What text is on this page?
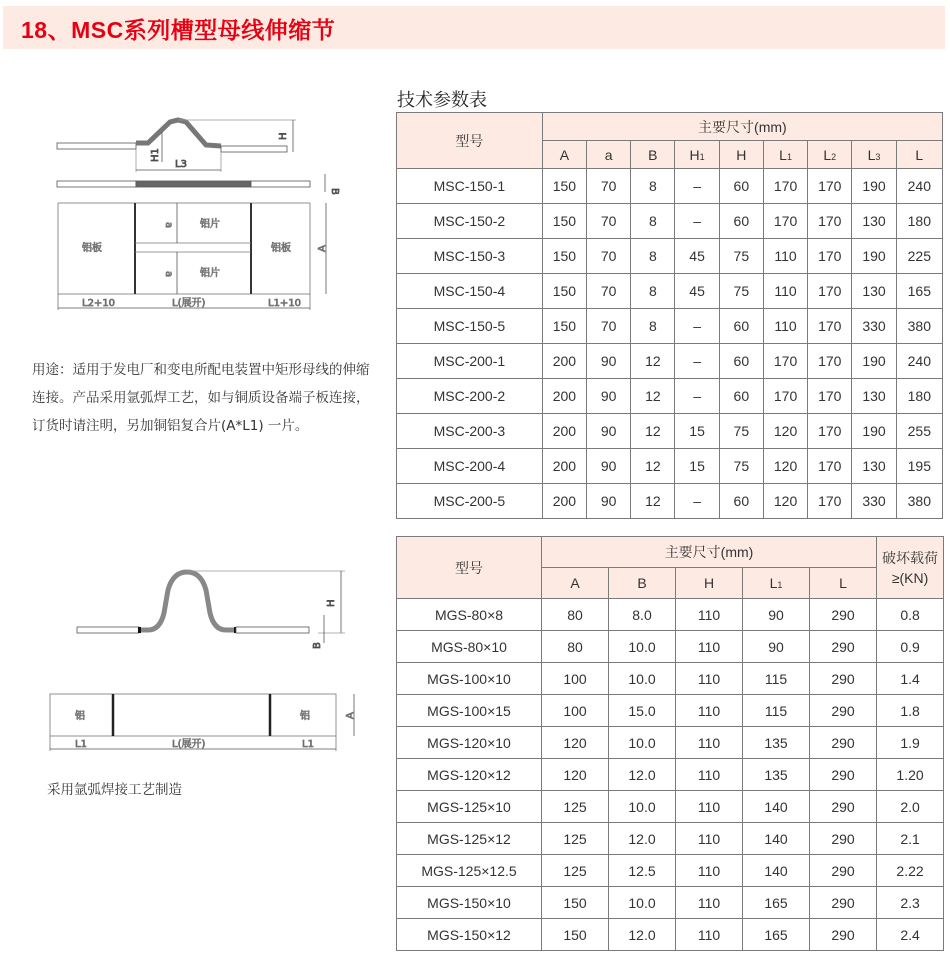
18、MSC系列槽型母线伸缩节
技术参数表
H
H1
L3
B
铝板	铝板
铝片
铝片
a
a
A
L2+10	L(展开)	L1+10
用途：适用于发电厂和变电所配电装置中矩形母线的伸缩连接。产品采用氩弧焊工艺，如与铜质设备端子板连接，订货时请注明，另加铜铝复合片(A*L1) 一片。
H
B
铝	铝	A
L1	L(展开)	L1
采用氩弧焊接工艺制造
型号	主要尺寸(mm)								
	A	a	B	H1	H	L1	L2	L3	L
MSC-150-1	150	70	8	–	60	170	170	190	240
MSC-150-2	150	70	8	–	60	170	170	130	180
MSC-150-3	150	70	8	45	75	110	170	190	225
MSC-150-4	150	70	8	45	75	110	170	130	165
MSC-150-5	150	70	8	–	60	110	170	330	380
MSC-200-1	200	90	12	–	60	170	170	190	240
MSC-200-2	200	90	12	–	60	170	170	130	180
MSC-200-3	200	90	12	15	75	120	170	190	255
MSC-200-4	200	90	12	15	75	120	170	130	195
MSC-200-5	200	90	12	–	60	120	170	330	380
型号	主要尺寸(mm)					破坏载荷
≥(KN)

	A	B	H	L1	L	
MGS-80×8	80	8.0	110	90	290	0.8
MGS-80×10	80	10.0	110	90	290	0.9
MGS-100×10	100	10.0	110	115	290	1.4
MGS-100×15	100	15.0	110	115	290	1.8
MGS-120×10	120	10.0	110	135	290	1.9
MGS-120×12	120	12.0	110	135	290	1.20
MGS-125×10	125	10.0	110	140	290	2.0
MGS-125×12	125	12.0	110	140	290	2.1
MGS-125×12.5	125	12.5	110	140	290	2.22
MGS-150×10	150	10.0	110	165	290	2.3
MGS-150×12	150	12.0	110	165	290	2.4
